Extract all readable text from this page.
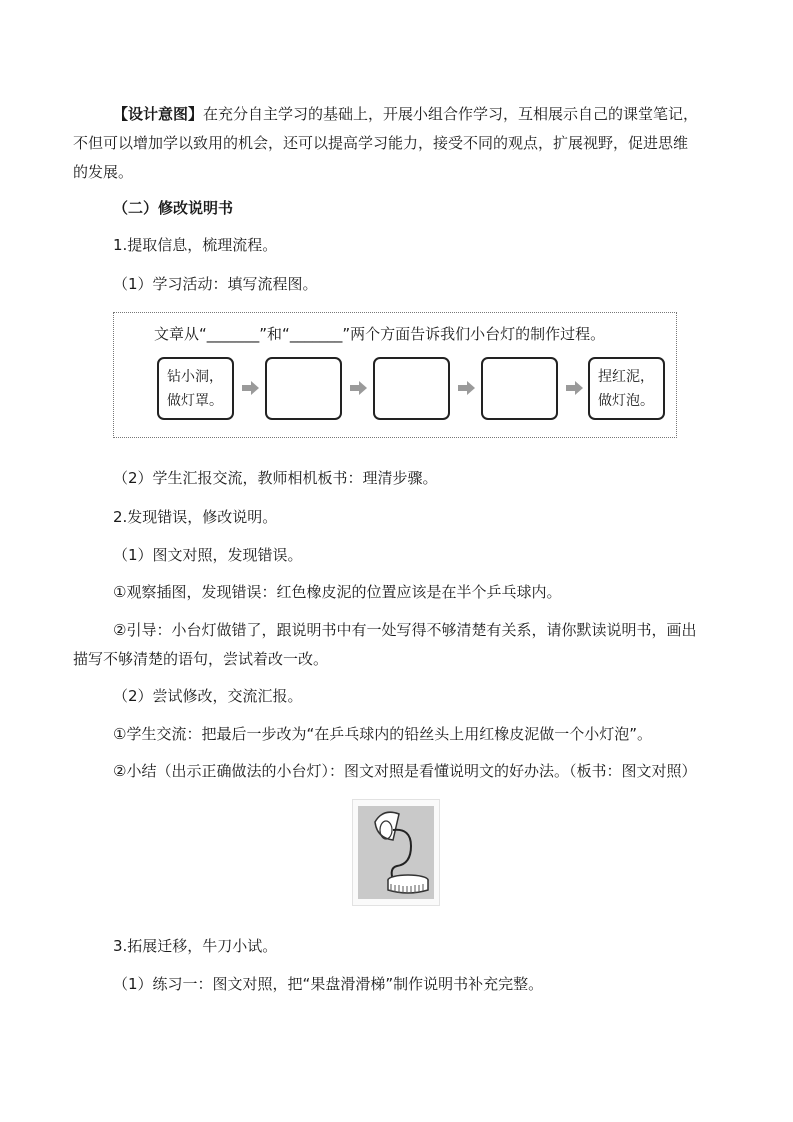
【设计意图】在充分自主学习的基础上，开展小组合作学习，互相展示自己的课堂笔记，
不但可以增加学以致用的机会，还可以提高学习能力，接受不同的观点，扩展视野，促进思维
的发展。
（二）修改说明书
1.提取信息，梳理流程。
（1）学习活动：填写流程图。
文章从“_______”和“_______”两个方面告诉我们小台灯的制作过程。
钻小洞，
做灯罩。
捏红泥，
做灯泡。
（2）学生汇报交流，教师相机板书：理清步骤。
2.发现错误，修改说明。
（1）图文对照，发现错误。
①观察插图，发现错误：红色橡皮泥的位置应该是在半个乒乓球内。
②引导：小台灯做错了，跟说明书中有一处写得不够清楚有关系，请你默读说明书，画出
描写不够清楚的语句，尝试着改一改。
（2）尝试修改，交流汇报。
①学生交流：把最后一步改为“在乒乓球内的铅丝头上用红橡皮泥做一个小灯泡”。
②小结（出示正确做法的小台灯）：图文对照是看懂说明文的好办法。（板书：图文对照）
3.拓展迁移，牛刀小试。
（1）练习一：图文对照，把“果盘滑滑梯”制作说明书补充完整。
